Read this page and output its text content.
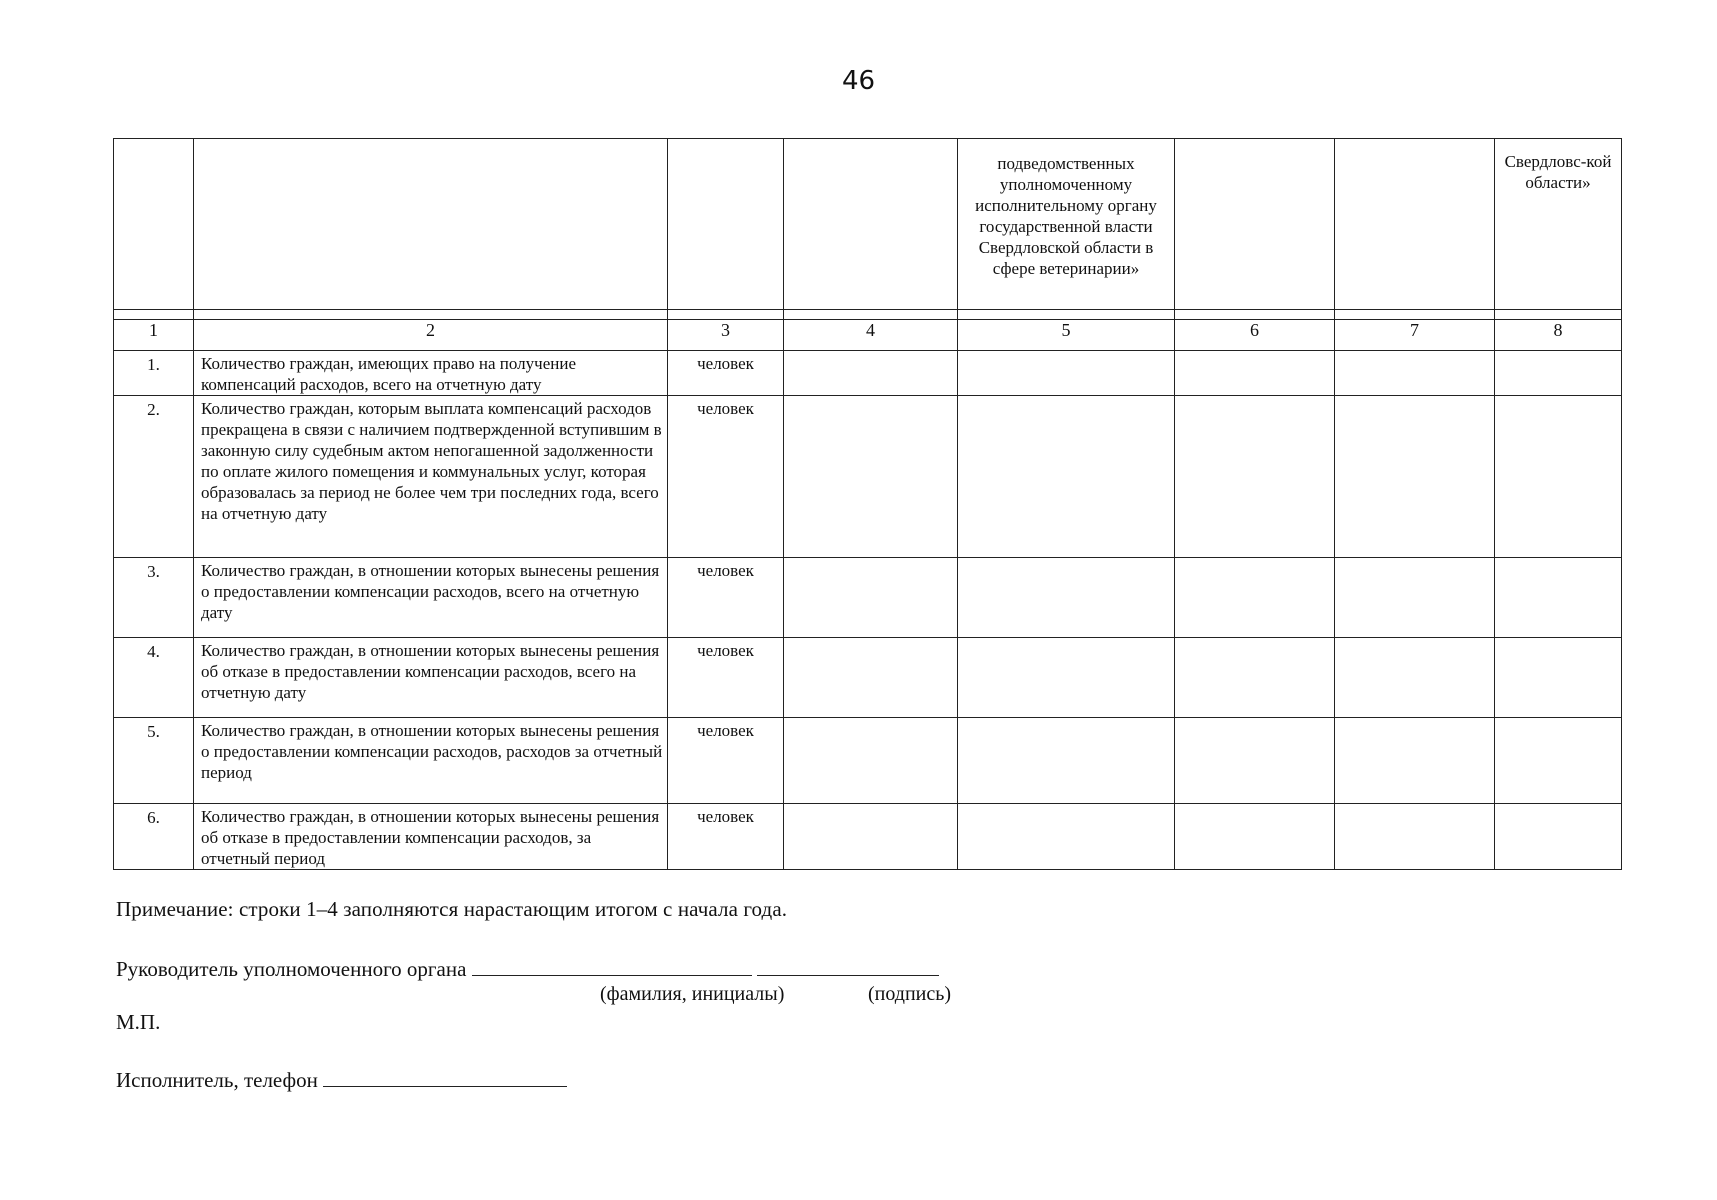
46
				подведомственных уполномоченному исполнительному органу государственной власти Свердловской области в сфере ветеринарии»			Свердловс-кой области»
1	2	3	4	5	6	7	8
1.	Количество граждан, имеющих право на получение компенсаций расходов, всего на отчетную дату	человек					
2.	Количество граждан, которым выплата компенсаций расходов прекращена в связи с наличием подтвержденной вступившим в законную силу судебным актом непогашенной задолженности по оплате жилого помещения и коммунальных услуг, которая образовалась за период не более чем три последних года, всего на отчетную дату	человек					
3.	Количество граждан, в отношении которых вынесены решения о предоставлении компенсации расходов, всего на отчетную дату	человек					
4.	Количество граждан, в отношении которых вынесены решения об отказе в предоставлении компенсации расходов, всего на отчетную дату	человек					
5.	Количество граждан, в отношении которых вынесены решения о предоставлении компенсации расходов, расходов за отчетный период	человек					
6.	Количество граждан, в отношении которых вынесены решения об отказе в предоставлении компенсации расходов, за отчетный период	человек					
Примечание: строки 1–4 заполняются нарастающим итогом с начала года.
Руководитель уполномоченного органа
(фамилия, инициалы)	(подпись)
М.П.
Исполнитель, телефон
